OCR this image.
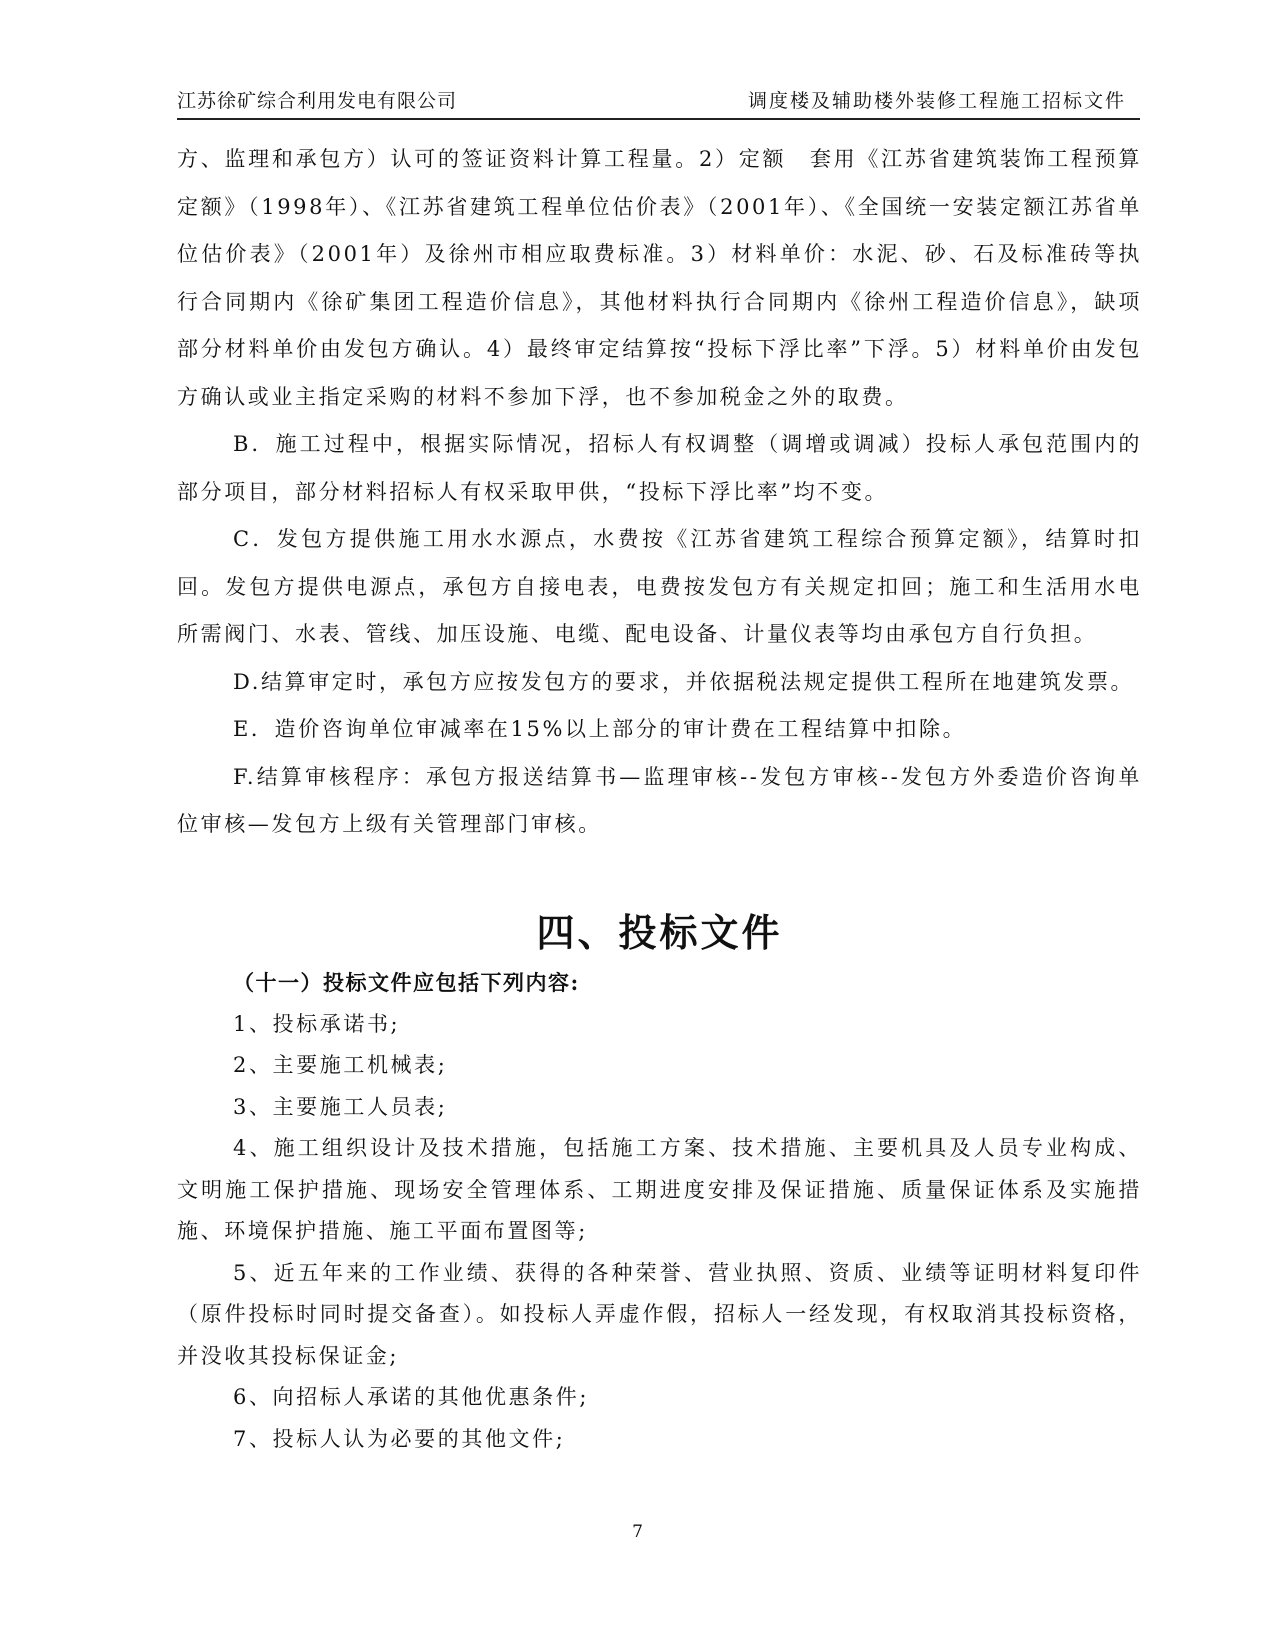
江苏徐矿综合利用发电有限公司	调度楼及辅助楼外装修工程施工招标文件

方、监理和承包方）认可的签证资料计算工程量。2）定额　套用《江苏省建筑装饰工程预算定额》（1998年）、《江苏省建筑工程单位估价表》（2001年）、《全国统一安装定额江苏省单位估价表》（2001年）及徐州市相应取费标准。3）材料单价：水泥、砂、石及标准砖等执行合同期内《徐矿集团工程造价信息》，其他材料执行合同期内《徐州工程造价信息》，缺项部分材料单价由发包方确认。4）最终审定结算按“投标下浮比率”下浮。5）材料单价由发包方确认或业主指定采购的材料不参加下浮，也不参加税金之外的取费。

B．施工过程中，根据实际情况，招标人有权调整（调增或调减）投标人承包范围内的部分项目，部分材料招标人有权采取甲供，“投标下浮比率”均不变。

C．发包方提供施工用水水源点，水费按《江苏省建筑工程综合预算定额》，结算时扣回。发包方提供电源点，承包方自接电表，电费按发包方有关规定扣回；施工和生活用水电所需阀门、水表、管线、加压设施、电缆、配电设备、计量仪表等均由承包方自行负担。

D.结算审定时，承包方应按发包方的要求，并依据税法规定提供工程所在地建筑发票。

E．造价咨询单位审减率在15%以上部分的审计费在工程结算中扣除。

F.结算审核程序：承包方报送结算书—监理审核--发包方审核--发包方外委造价咨询单位审核—发包方上级有关管理部门审核。

四、投标文件
（十一）投标文件应包括下列内容:

1、投标承诺书;

2、主要施工机械表;

3、主要施工人员表;

4、施工组织设计及技术措施，包括施工方案、技术措施、主要机具及人员专业构成、文明施工保护措施、现场安全管理体系、工期进度安排及保证措施、质量保证体系及实施措施、环境保护措施、施工平面布置图等;

5、近五年来的工作业绩、获得的各种荣誉、营业执照、资质、业绩等证明材料复印件（原件投标时同时提交备查）。如投标人弄虚作假，招标人一经发现，有权取消其投标资格，并没收其投标保证金;

6、向招标人承诺的其他优惠条件;

7、投标人认为必要的其他文件;

7
